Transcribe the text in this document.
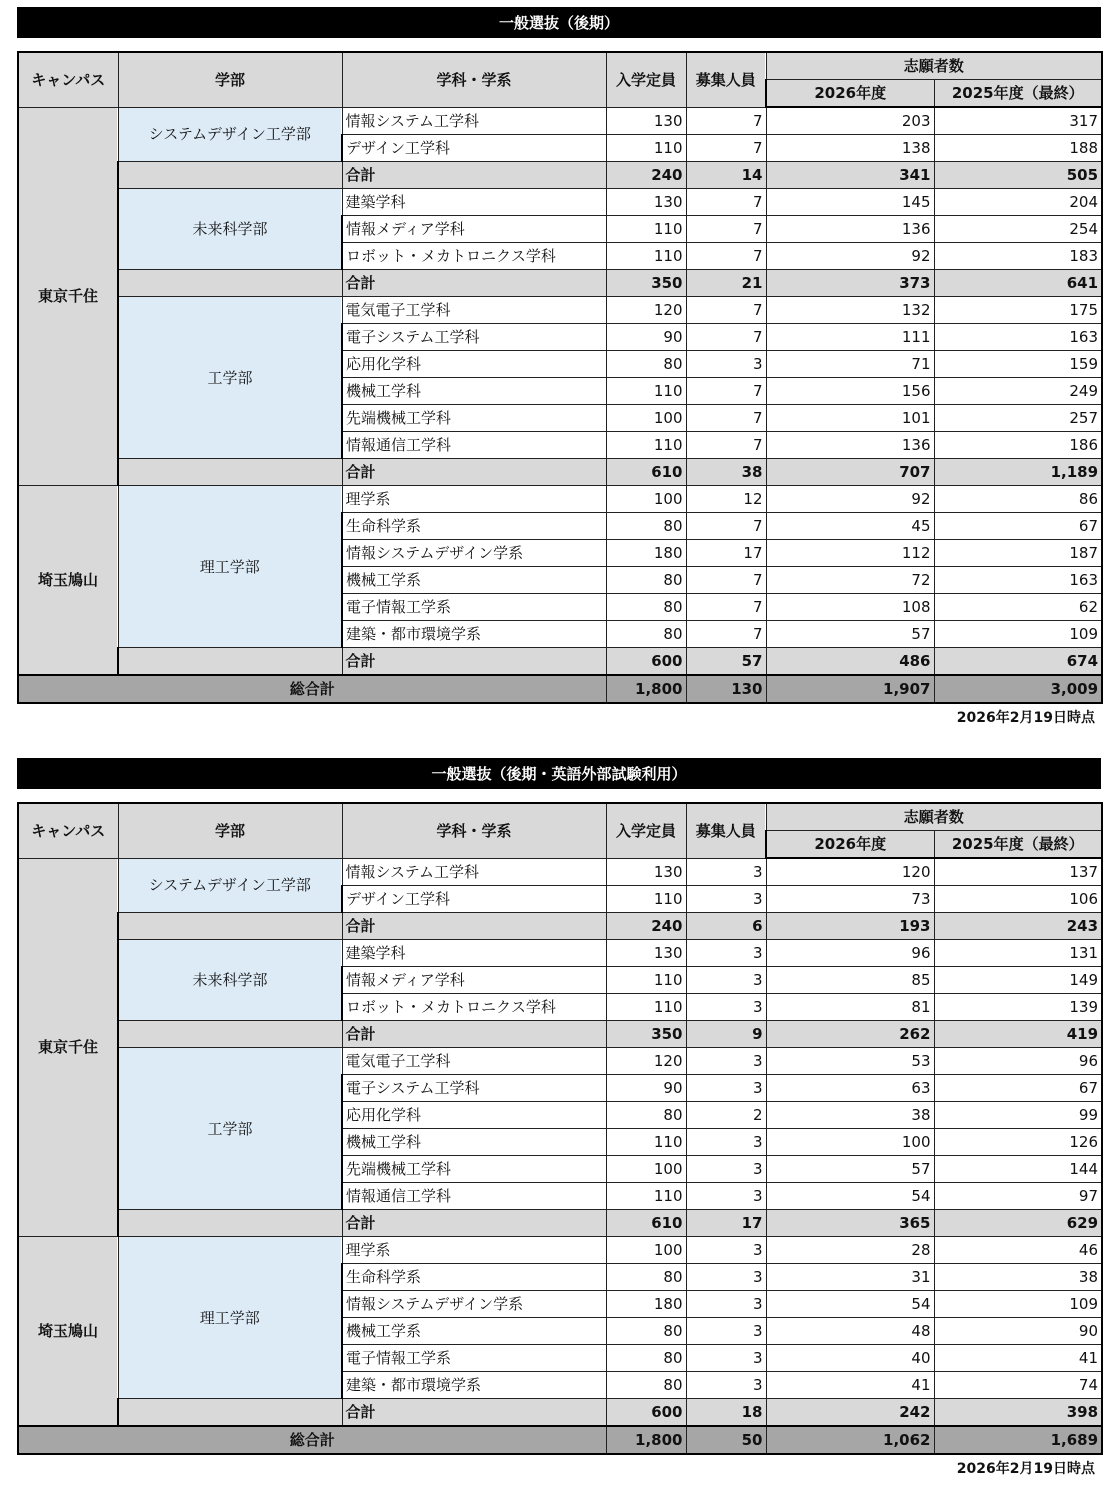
一般選抜（後期）
キャンパス	学部	学科・学系	入学定員	募集人員	志願者数	
					2026年度	2025年度（最終）
東京千住	システムデザイン工学部	情報システム工学科	130	7	203	317
		デザイン工学科	110	7	138	188
		合計	240	14	341	505
	未来科学部	建築学科	130	7	145	204
		情報メディア学科	110	7	136	254
		ロボット・メカトロニクス学科	110	7	92	183
		合計	350	21	373	641
	工学部	電気電子工学科	120	7	132	175
		電子システム工学科	90	7	111	163
		応用化学科	80	3	71	159
		機械工学科	110	7	156	249
		先端機械工学科	100	7	101	257
		情報通信工学科	110	7	136	186
		合計	610	38	707	1,189
埼玉鳩山	理工学部	理学系	100	12	92	86
		生命科学系	80	7	45	67
		情報システムデザイン学系	180	17	112	187
		機械工学系	80	7	72	163
		電子情報工学系	80	7	108	62
		建築・都市環境学系	80	7	57	109
		合計	600	57	486	674
総合計			1,800	130	1,907	3,009
2026年2月19日時点
一般選抜（後期・英語外部試験利用）
キャンパス	学部	学科・学系	入学定員	募集人員	志願者数	
					2026年度	2025年度（最終）
東京千住	システムデザイン工学部	情報システム工学科	130	3	120	137
		デザイン工学科	110	3	73	106
		合計	240	6	193	243
	未来科学部	建築学科	130	3	96	131
		情報メディア学科	110	3	85	149
		ロボット・メカトロニクス学科	110	3	81	139
		合計	350	9	262	419
	工学部	電気電子工学科	120	3	53	96
		電子システム工学科	90	3	63	67
		応用化学科	80	2	38	99
		機械工学科	110	3	100	126
		先端機械工学科	100	3	57	144
		情報通信工学科	110	3	54	97
		合計	610	17	365	629
埼玉鳩山	理工学部	理学系	100	3	28	46
		生命科学系	80	3	31	38
		情報システムデザイン学系	180	3	54	109
		機械工学系	80	3	48	90
		電子情報工学系	80	3	40	41
		建築・都市環境学系	80	3	41	74
		合計	600	18	242	398
総合計			1,800	50	1,062	1,689
2026年2月19日時点
